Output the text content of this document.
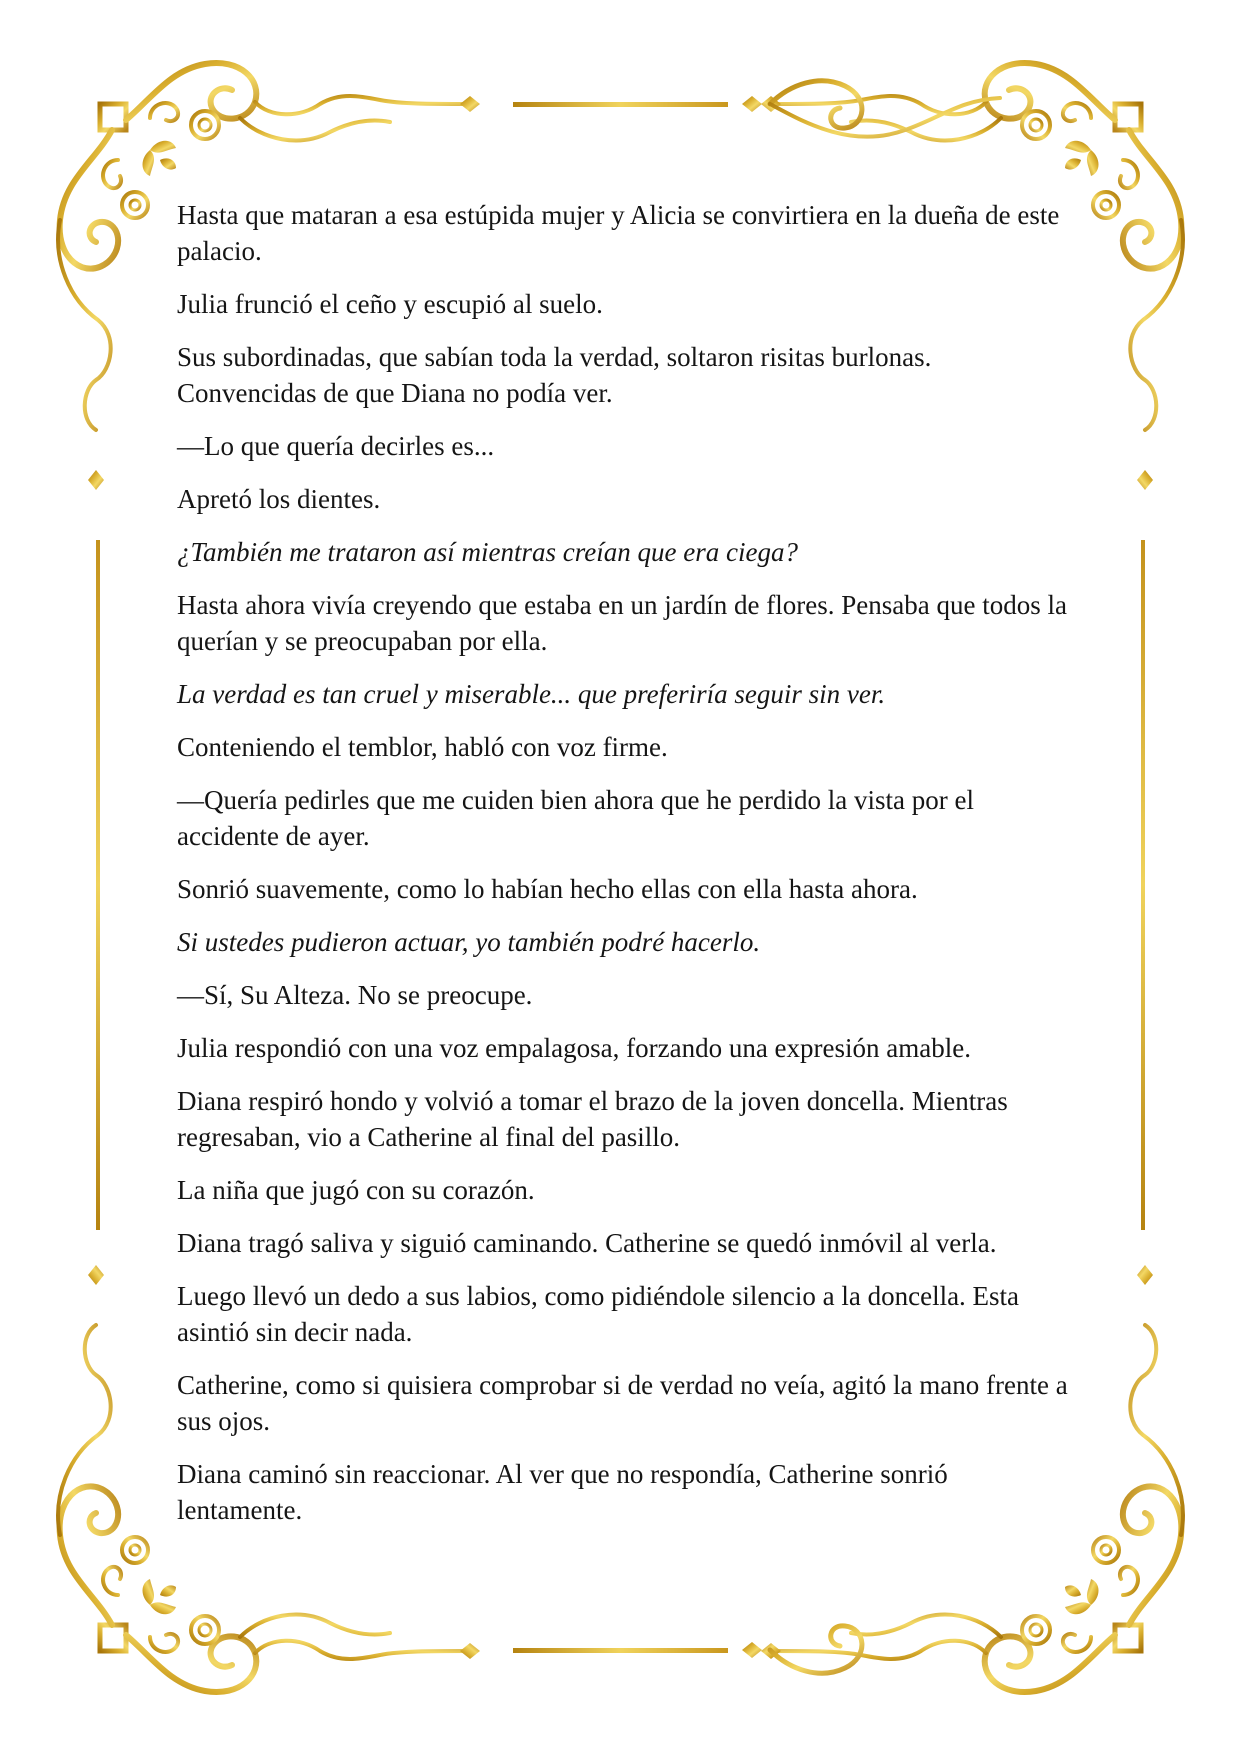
Hasta que mataran a esa estúpida mujer y Alicia se convirtiera en la dueña de este palacio.

Julia frunció el ceño y escupió al suelo.

Sus subordinadas, que sabían toda la verdad, soltaron risitas burlonas. Convencidas de que Diana no podía ver.

—Lo que quería decirles es...

Apretó los dientes.

¿También me trataron así mientras creían que era ciega?

Hasta ahora vivía creyendo que estaba en un jardín de flores. Pensaba que todos la querían y se preocupaban por ella.

La verdad es tan cruel y miserable... que preferiría seguir sin ver.

Conteniendo el temblor, habló con voz firme.

—Quería pedirles que me cuiden bien ahora que he perdido la vista por el accidente de ayer.

Sonrió suavemente, como lo habían hecho ellas con ella hasta ahora.

Si ustedes pudieron actuar, yo también podré hacerlo.

—Sí, Su Alteza. No se preocupe.

Julia respondió con una voz empalagosa, forzando una expresión amable.

Diana respiró hondo y volvió a tomar el brazo de la joven doncella. Mientras regresaban, vio a Catherine al final del pasillo.

La niña que jugó con su corazón.

Diana tragó saliva y siguió caminando. Catherine se quedó inmóvil al verla.

Luego llevó un dedo a sus labios, como pidiéndole silencio a la doncella. Esta asintió sin decir nada.

Catherine, como si quisiera comprobar si de verdad no veía, agitó la mano frente a sus ojos.

Diana caminó sin reaccionar. Al ver que no respondía, Catherine sonrió lentamente.
